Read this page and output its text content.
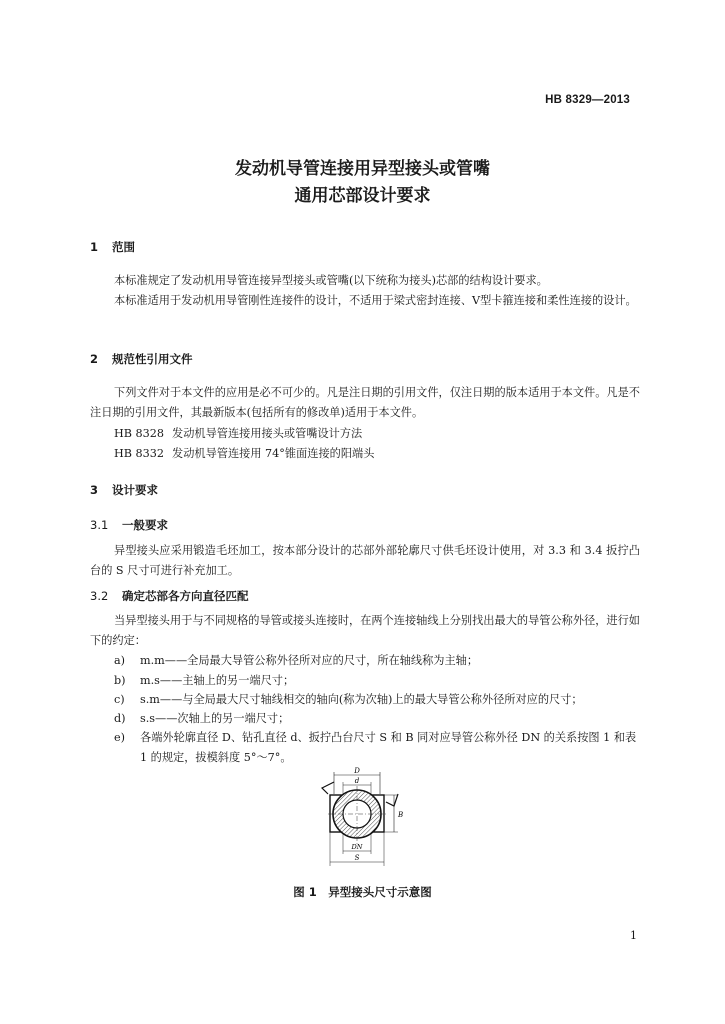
HB 8329—2013
发动机导管连接用异型接头或管嘴
通用芯部设计要求
1 范围
本标准规定了发动机用导管连接异型接头或管嘴(以下统称为接头)芯部的结构设计要求。
本标准适用于发动机用导管刚性连接件的设计，不适用于梁式密封连接、V型卡箍连接和柔性连接的设计。
2 规范性引用文件
下列文件对于本文件的应用是必不可少的。凡是注日期的引用文件，仅注日期的版本适用于本文件。凡是不注日期的引用文件，其最新版本(包括所有的修改单)适用于本文件。
HB 8328 发动机导管连接用接头或管嘴设计方法
HB 8332 发动机导管连接用 74°锥面连接的阳端头
3 设计要求
3.1 一般要求
异型接头应采用锻造毛坯加工，按本部分设计的芯部外部轮廓尺寸供毛坯设计使用，对 3.3 和 3.4 扳拧凸台的 S 尺寸可进行补充加工。
3.2 确定芯部各方向直径匹配
当异型接头用于与不同规格的导管或接头连接时，在两个连接轴线上分别找出最大的导管公称外径，进行如下的约定：
a) m.m——全局最大导管公称外径所对应的尺寸，所在轴线称为主轴；
b) m.s——主轴上的另一端尺寸；
c) s.m——与全局最大尺寸轴线相交的轴向(称为次轴)上的最大导管公称外径所对应的尺寸；
d) s.s——次轴上的另一端尺寸；
e) 各端外轮廓直径 D、钻孔直径 d、扳拧凸台尺寸 S 和 B 同对应导管公称外径 DN 的关系按图 1 和表 1 的规定，拔模斜度 5°～7°。
D
d
B
DN
S
图 1　异型接头尺寸示意图
1
